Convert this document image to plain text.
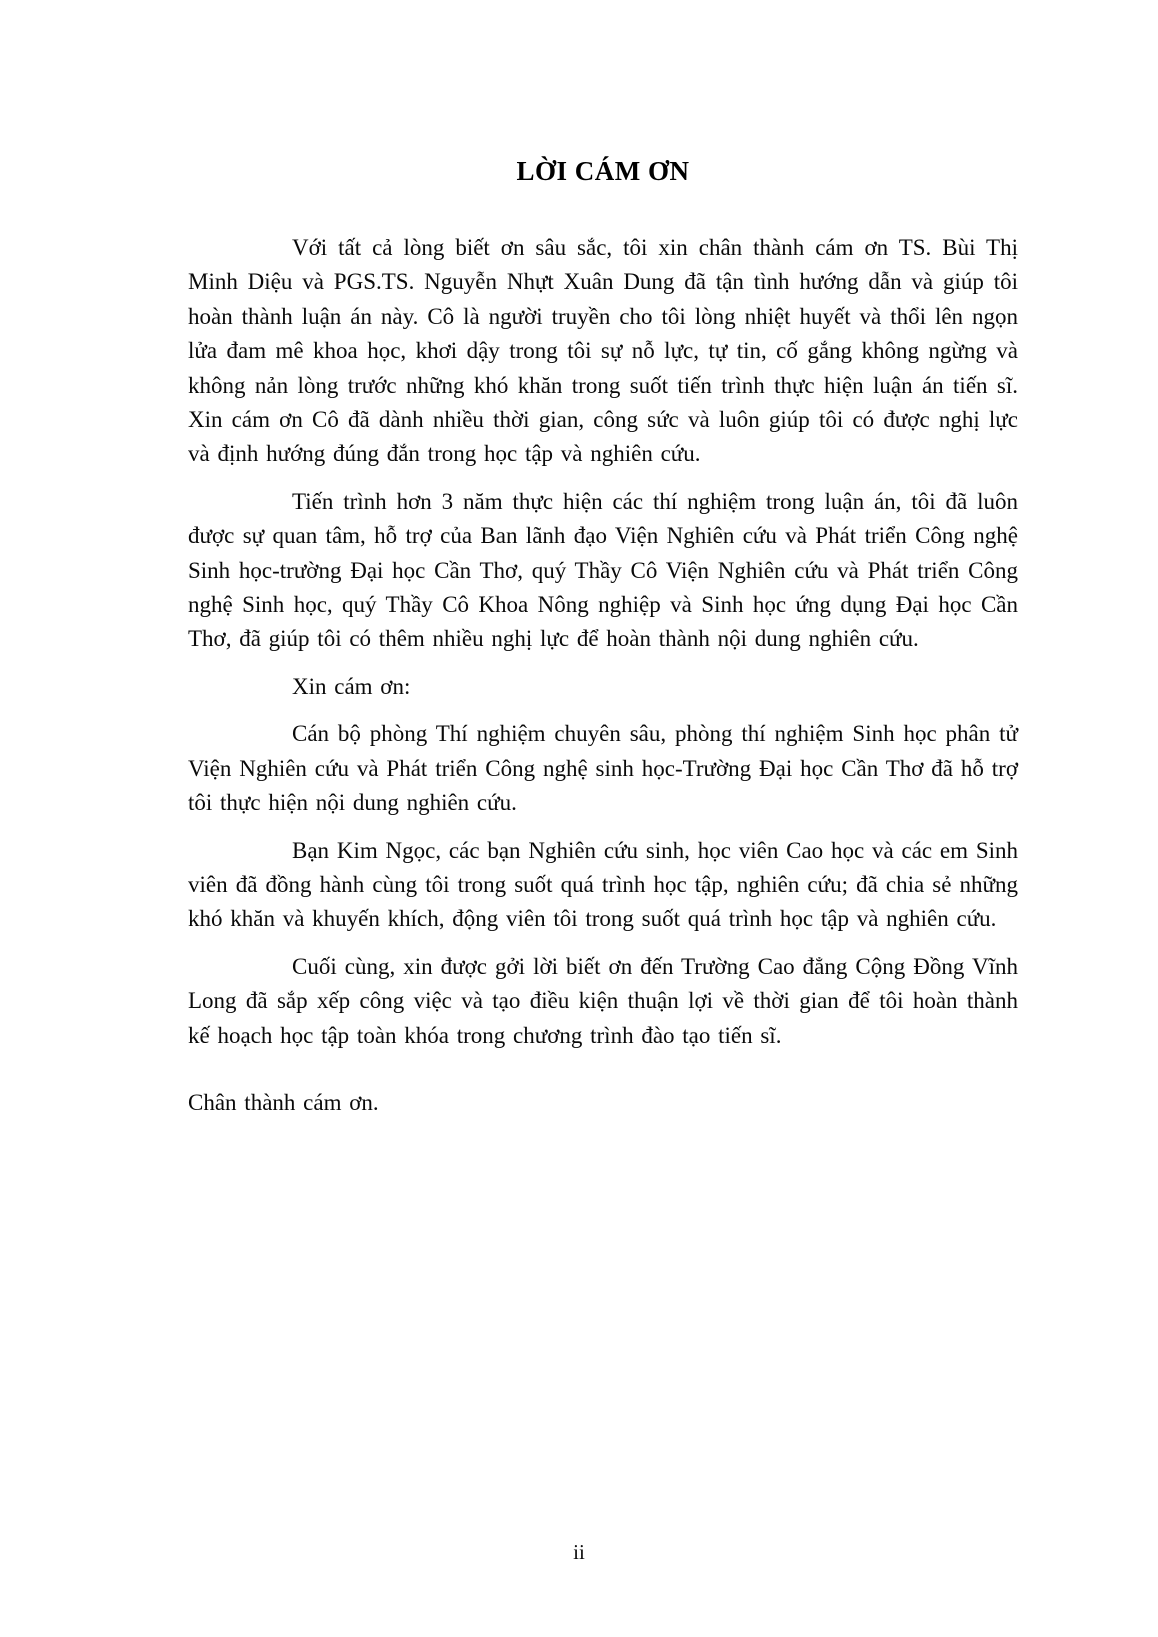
LỜI CÁM ƠN

Với tất cả lòng biết ơn sâu sắc, tôi xin chân thành cám ơn TS. Bùi Thị Minh Diệu và PGS.TS. Nguyễn Nhựt Xuân Dung đã tận tình hướng dẫn và giúp tôi hoàn thành luận án này. Cô là người truyền cho tôi lòng nhiệt huyết và thổi lên ngọn lửa đam mê khoa học, khơi dậy trong tôi sự nỗ lực, tự tin, cố gắng không ngừng và không nản lòng trước những khó khăn trong suốt tiến trình thực hiện luận án tiến sĩ. Xin cám ơn Cô đã dành nhiều thời gian, công sức và luôn giúp tôi có được nghị lực và định hướng đúng đắn trong học tập và nghiên cứu.

Tiến trình hơn 3 năm thực hiện các thí nghiệm trong luận án, tôi đã luôn được sự quan tâm, hỗ trợ của Ban lãnh đạo Viện Nghiên cứu và Phát triển Công nghệ Sinh học-trường Đại học Cần Thơ, quý Thầy Cô Viện Nghiên cứu và Phát triển Công nghệ Sinh học, quý Thầy Cô Khoa Nông nghiệp và Sinh học ứng dụng Đại học Cần Thơ, đã giúp tôi có thêm nhiều nghị lực để hoàn thành nội dung nghiên cứu.

Xin cám ơn:

Cán bộ phòng Thí nghiệm chuyên sâu, phòng thí nghiệm Sinh học phân tử Viện Nghiên cứu và Phát triển Công nghệ sinh học-Trường Đại học Cần Thơ đã hỗ trợ tôi thực hiện nội dung nghiên cứu.

Bạn Kim Ngọc, các bạn Nghiên cứu sinh, học viên Cao học và các em Sinh viên đã đồng hành cùng tôi trong suốt quá trình học tập, nghiên cứu; đã chia sẻ những khó khăn và khuyến khích, động viên tôi trong suốt quá trình học tập và nghiên cứu.

Cuối cùng, xin được gởi lời biết ơn đến Trường Cao đẳng Cộng Đồng Vĩnh Long đã sắp xếp công việc và tạo điều kiện thuận lợi về thời gian để tôi hoàn thành kế hoạch học tập toàn khóa trong chương trình đào tạo tiến sĩ.

Chân thành cám ơn.

ii
